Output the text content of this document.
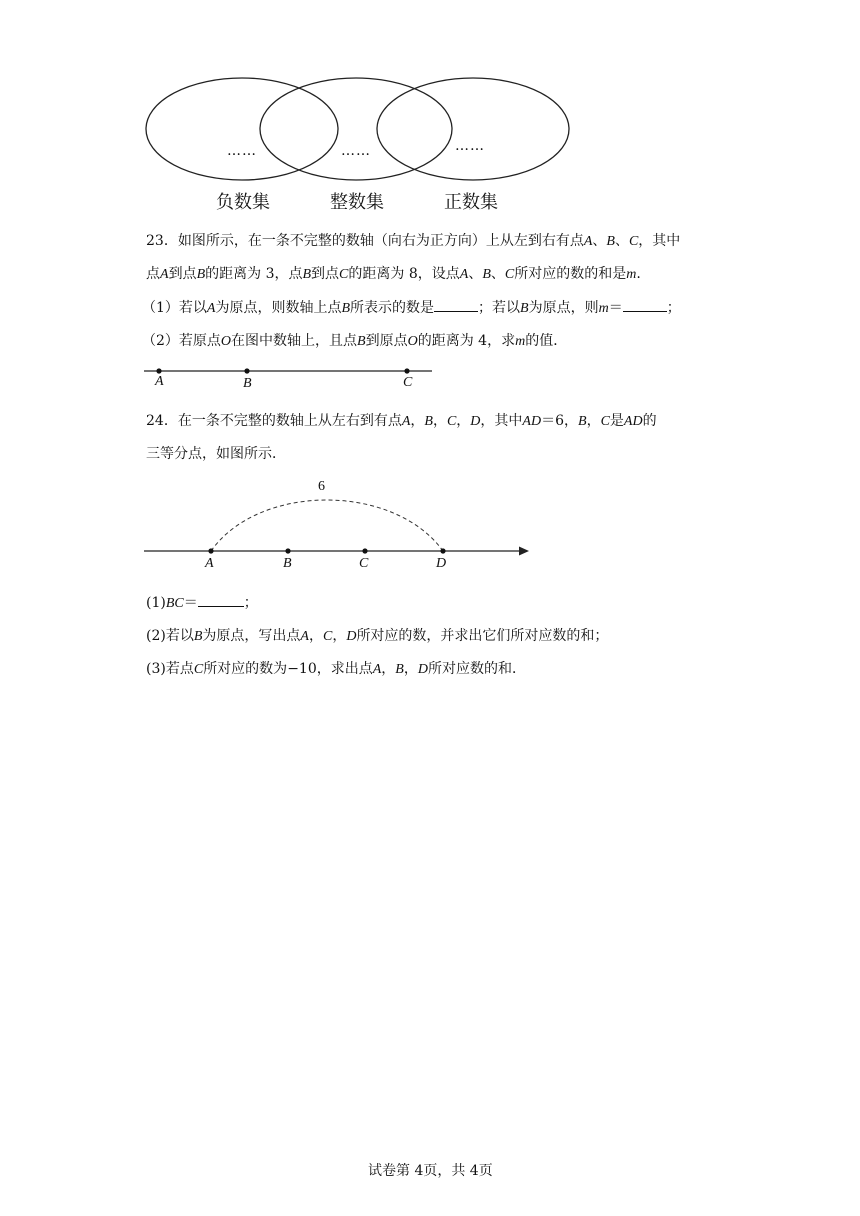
……	……	……
负数集	整数集	正数集
23．如图所示，在一条不完整的数轴（向右为正方向）上从左到右有点A、B、C，其中
点A到点B的距离为 3，点B到点C的距离为 8，设点A、B、C所对应的数的和是m.
（1）若以A为原点，则数轴上点B所表示的数是	；若以B为原点，则m＝	；
（2）若原点O在图中数轴上，且点B到原点O的距离为 4，求m的值．
A	B	C
24．在一条不完整的数轴上从左右到有点A，B，C，D，其中AD＝6，B，C是AD的
三等分点，如图所示．
6
A	B	C	D
(1)BC＝	；
(2)若以B为原点，写出点A，C，D所对应的数，并求出它们所对应数的和；
(3)若点C所对应的数为−10，求出点A，B，D所对应数的和．
试卷第 4页，共 4页
